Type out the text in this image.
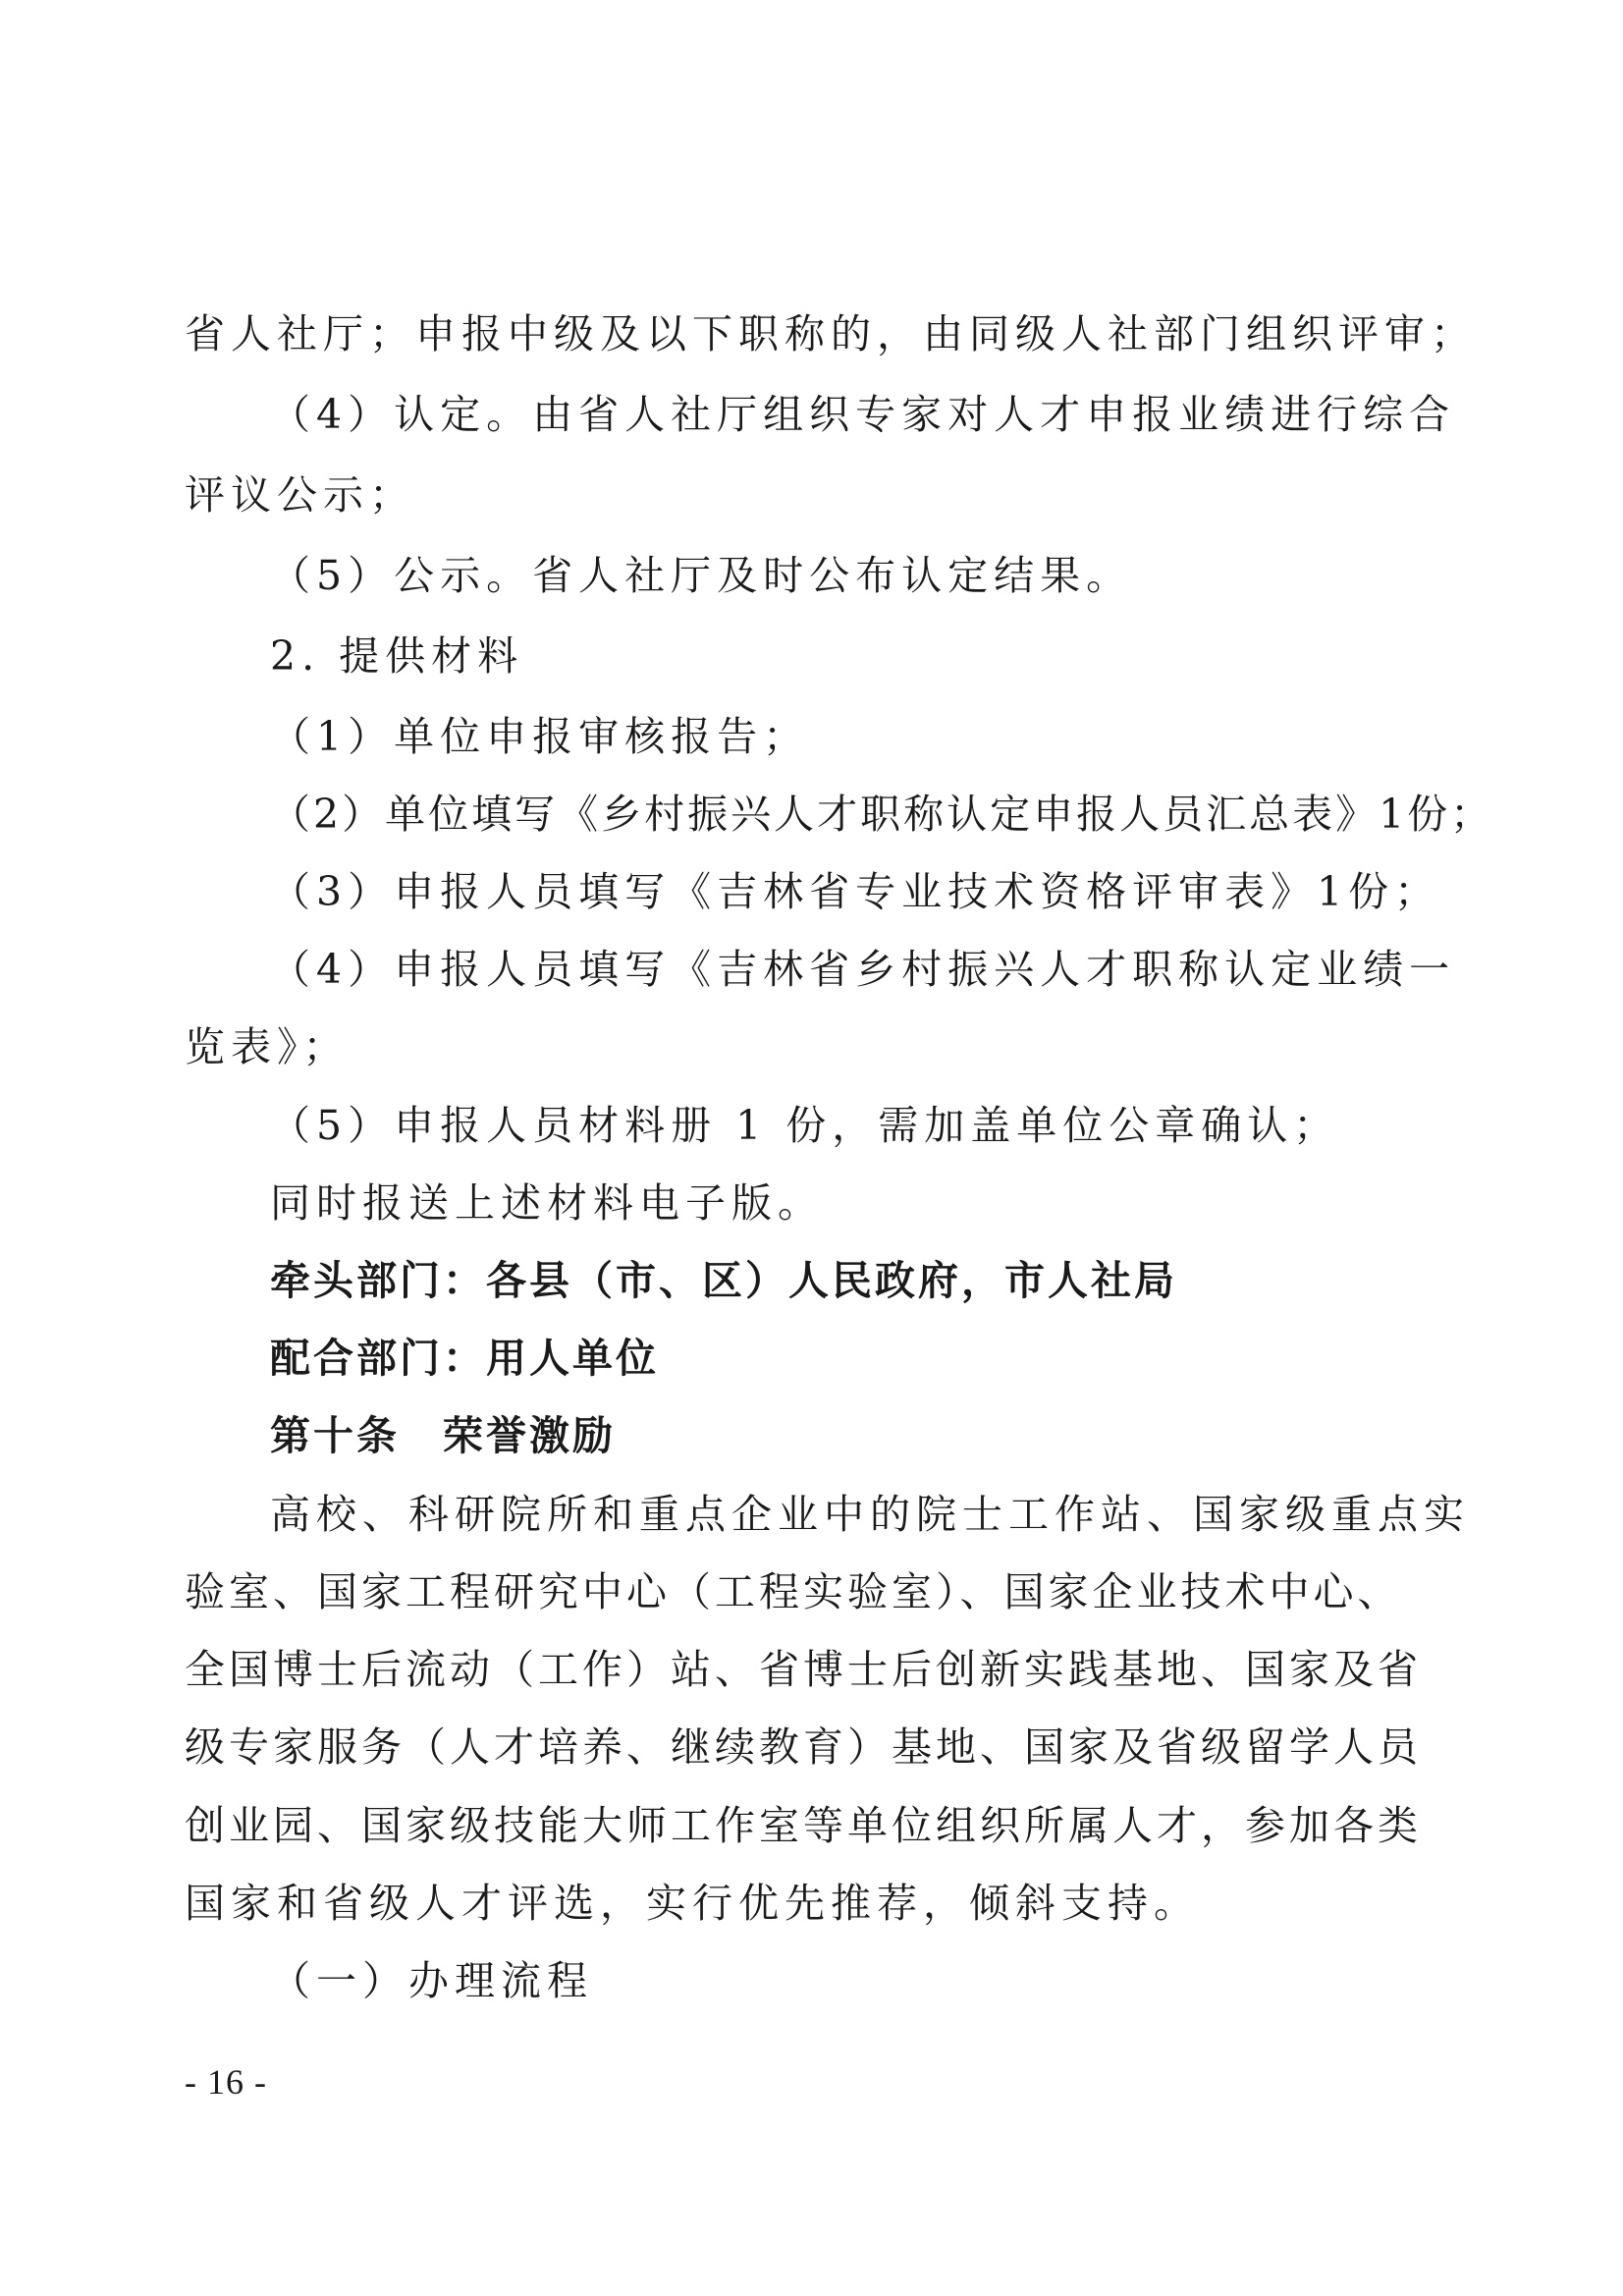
省人社厅；申报中级及以下职称的，由同级人社部门组织评审；
（4）认定。由省人社厅组织专家对人才申报业绩进行综合
评议公示；
（5）公示。省人社厅及时公布认定结果。
2. 提供材料
（1）单位申报审核报告；
（2）单位填写《乡村振兴人才职称认定申报人员汇总表》1份；
（3）申报人员填写《吉林省专业技术资格评审表》1份；
（4）申报人员填写《吉林省乡村振兴人才职称认定业绩一
览表》；
（5）申报人员材料册 1 份，需加盖单位公章确认；
同时报送上述材料电子版。
牵头部门：各县（市、区）人民政府，市人社局
配合部门：用人单位
第十条　荣誉激励
高校、科研院所和重点企业中的院士工作站、国家级重点实
验室、国家工程研究中心（工程实验室）、国家企业技术中心、
全国博士后流动（工作）站、省博士后创新实践基地、国家及省
级专家服务（人才培养、继续教育）基地、国家及省级留学人员
创业园、国家级技能大师工作室等单位组织所属人才，参加各类
国家和省级人才评选，实行优先推荐，倾斜支持。
（一）办理流程
- 16 -
